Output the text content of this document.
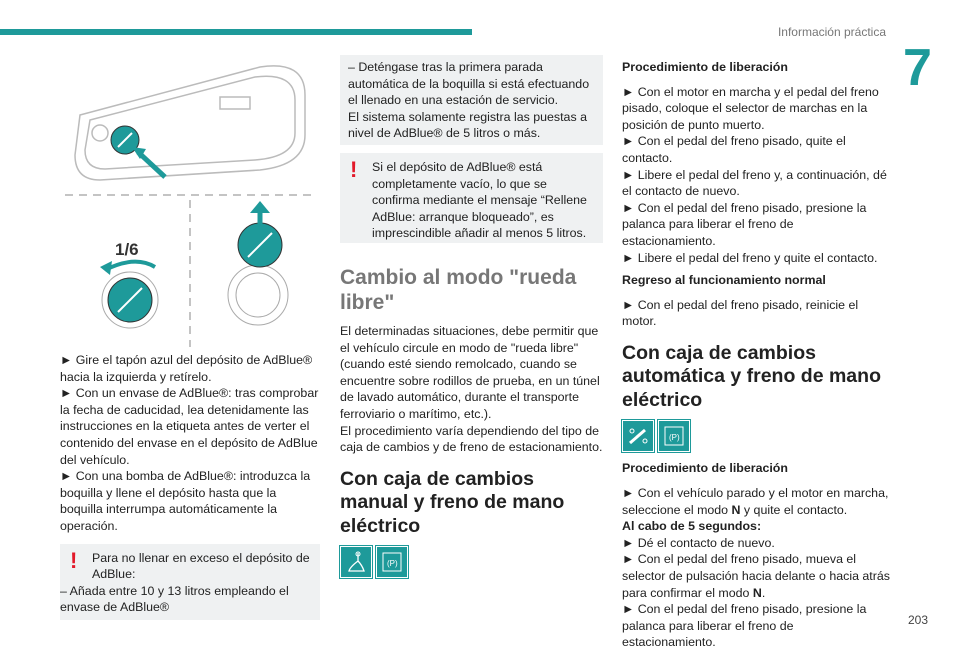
Información práctica
7
1/6

► Gire el tapón azul del depósito de AdBlue® hacia la izquierda y retírelo.

► Con un envase de AdBlue®: tras comprobar la fecha de caducidad, lea detenidamente las instrucciones en la etiqueta antes de verter el contenido del envase en el depósito de AdBlue del vehículo.

► Con una bomba de AdBlue®: introduzca la boquilla y llene el depósito hasta que la boquilla interrumpa automáticamente la operación.

!	Para no llenar en exceso el depósito de AdBlue:

– Añada entre 10 y 13 litros empleando el envase de AdBlue®

– Deténgase tras la primera parada automática de la boquilla si está efectuando el llenado en una estación de servicio.

El sistema solamente registra las puestas a nivel de AdBlue® de 5 litros o más.

! Si el depósito de AdBlue® está completamente vacío, lo que se confirma mediante el mensaje “Rellene AdBlue: arranque bloqueado”, es imprescindible añadir al menos 5 litros.

Cambio al modo "rueda libre"

El determinadas situaciones, debe permitir que el vehículo circule en modo de "rueda libre" (cuando esté siendo remolcado, cuando se encuentre sobre rodillos de prueba, en un túnel de lavado automático, durante el transporte ferroviario o marítimo, etc.).

El procedimiento varía dependiendo del tipo de caja de cambios y de freno de estacionamiento.

Con caja de cambios manual y freno de mano eléctrico
(P)

Procedimiento de liberación

► Con el motor en marcha y el pedal del freno pisado, coloque el selector de marchas en la posición de punto muerto.

► Con el pedal del freno pisado, quite el contacto.

► Libere el pedal del freno y, a continuación, dé el contacto de nuevo.

► Con el pedal del freno pisado, presione la palanca para liberar el freno de estacionamiento.

► Libere el pedal del freno y quite el contacto.

Regreso al funcionamiento normal

► Con el pedal del freno pisado, reinicie el motor.

Con caja de cambios automática y freno de mano eléctrico
(P)

Procedimiento de liberación

► Con el vehículo parado y el motor en marcha, seleccione el modo N y quite el contacto.

Al cabo de 5 segundos:

► Dé el contacto de nuevo.

► Con el pedal del freno pisado, mueva el selector de pulsación hacia delante o hacia atrás para confirmar el modo N.

► Con el pedal del freno pisado, presione la palanca para liberar el freno de estacionamiento.

203
